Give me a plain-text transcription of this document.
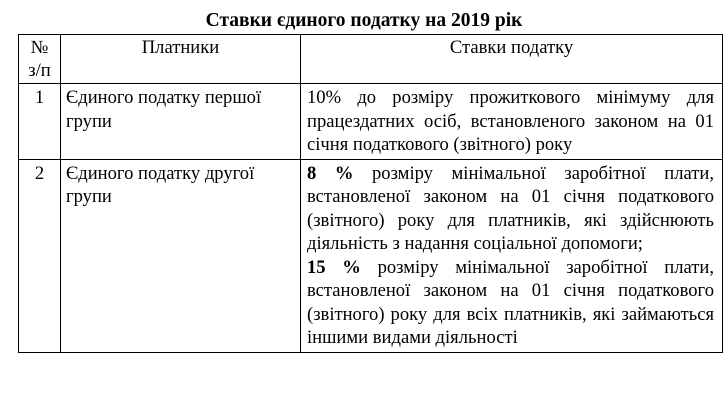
Ставки єдиного податку на 2019 рік
№
з/п	Платники	Ставки податку
1	Єдиного податку першої групи	10% до розміру прожиткового мінімуму для працездатних осіб, встановленого законом на 01 січня податкового (звітного) року

2	Єдиного податку другої групи	8 % розміру мінімальної заробітної плати, встановленої законом на 01 січня податкового (звітного) року для платників, які здійснюють діяльність з надання соціальної допомоги;
15 % розміру мінімальної заробітної плати, встановленої законом на 01 січня податкового (звітного) року для всіх платників, які займаються іншими видами діяльності
